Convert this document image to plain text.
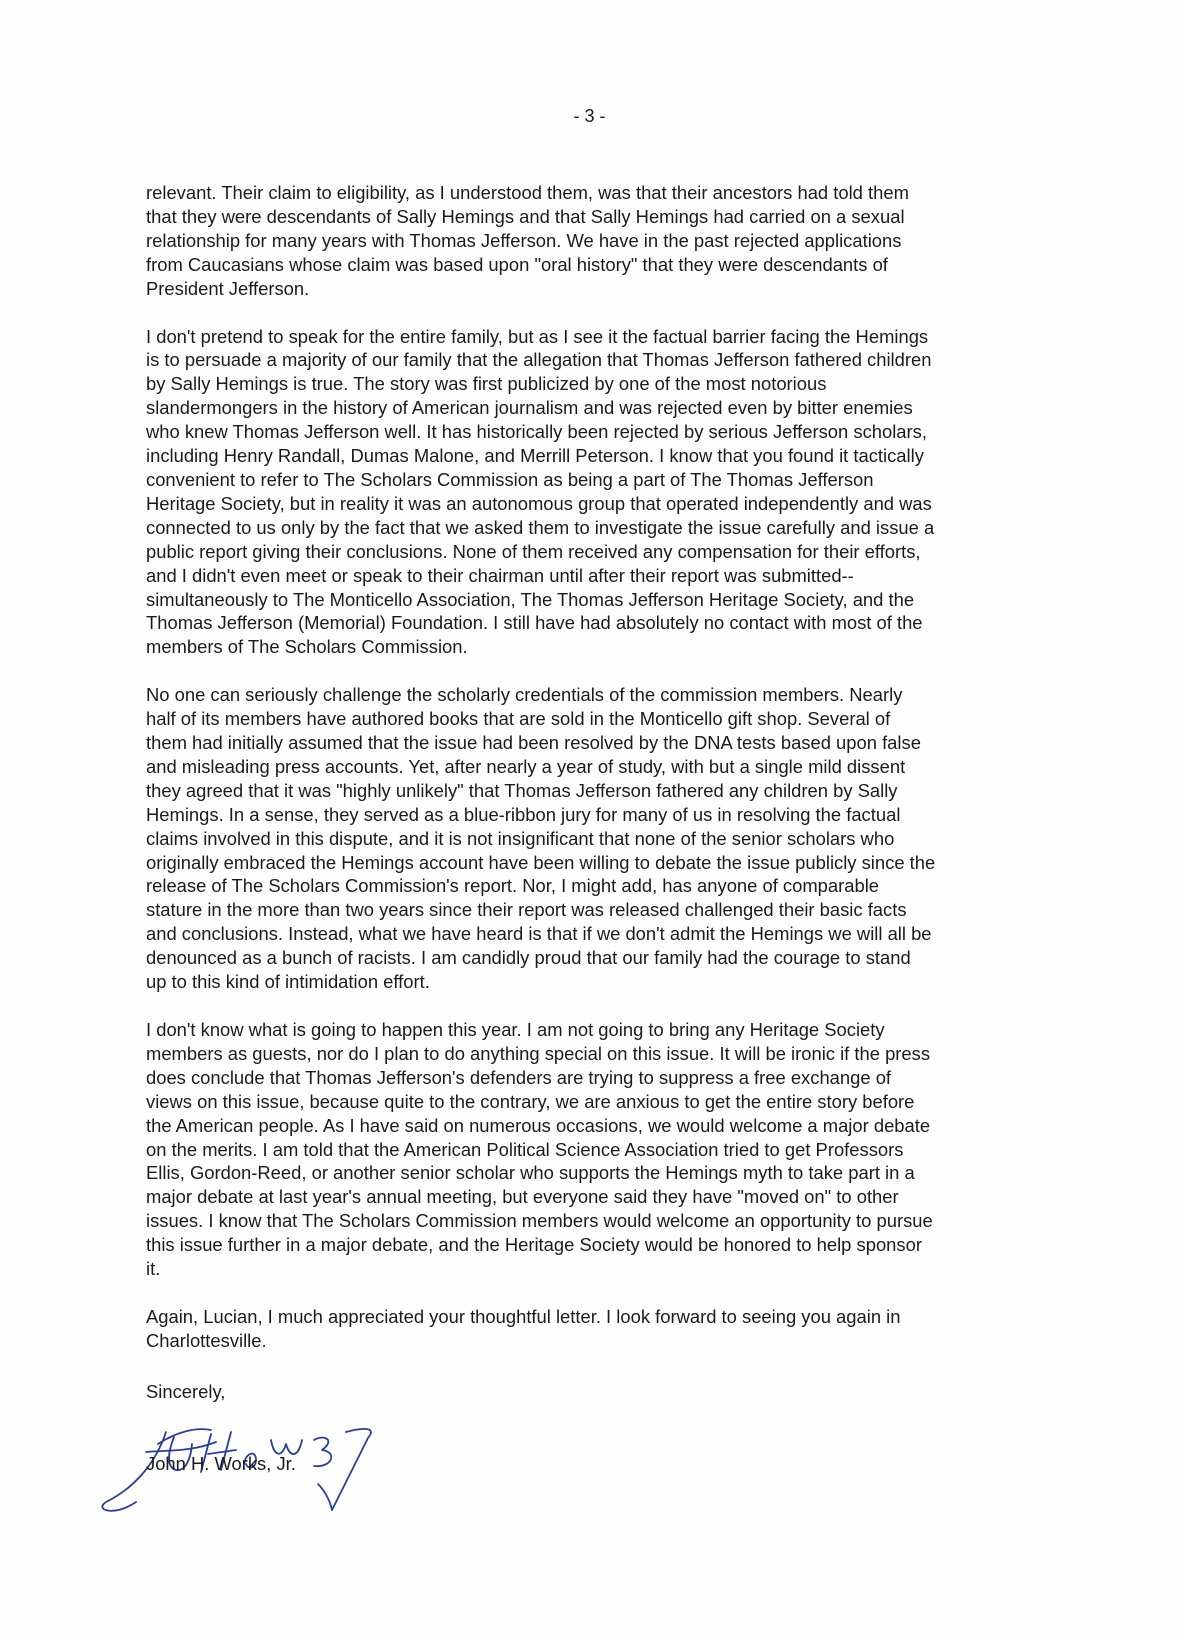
- 3 -
relevant. Their claim to eligibility, as I understood them, was that their ancestors had told them
that they were descendants of Sally Hemings and that Sally Hemings had carried on a sexual
relationship for many years with Thomas Jefferson. We have in the past rejected applications
from Caucasians whose claim was based upon "oral history" that they were descendants of
President Jefferson.
I don't pretend to speak for the entire family, but as I see it the factual barrier facing the Hemings
is to persuade a majority of our family that the allegation that Thomas Jefferson fathered children
by Sally Hemings is true. The story was first publicized by one of the most notorious
slandermongers in the history of American journalism and was rejected even by bitter enemies
who knew Thomas Jefferson well. It has historically been rejected by serious Jefferson scholars,
including Henry Randall, Dumas Malone, and Merrill Peterson. I know that you found it tactically
convenient to refer to The Scholars Commission as being a part of The Thomas Jefferson
Heritage Society, but in reality it was an autonomous group that operated independently and was
connected to us only by the fact that we asked them to investigate the issue carefully and issue a
public report giving their conclusions. None of them received any compensation for their efforts,
and I didn't even meet or speak to their chairman until after their report was submitted--
simultaneously to The Monticello Association, The Thomas Jefferson Heritage Society, and the
Thomas Jefferson (Memorial) Foundation. I still have had absolutely no contact with most of the
members of The Scholars Commission.
No one can seriously challenge the scholarly credentials of the commission members. Nearly
half of its members have authored books that are sold in the Monticello gift shop. Several of
them had initially assumed that the issue had been resolved by the DNA tests based upon false
and misleading press accounts. Yet, after nearly a year of study, with but a single mild dissent
they agreed that it was "highly unlikely" that Thomas Jefferson fathered any children by Sally
Hemings. In a sense, they served as a blue-ribbon jury for many of us in resolving the factual
claims involved in this dispute, and it is not insignificant that none of the senior scholars who
originally embraced the Hemings account have been willing to debate the issue publicly since the
release of The Scholars Commission's report. Nor, I might add, has anyone of comparable
stature in the more than two years since their report was released challenged their basic facts
and conclusions. Instead, what we have heard is that if we don't admit the Hemings we will all be
denounced as a bunch of racists. I am candidly proud that our family had the courage to stand
up to this kind of intimidation effort.
I don't know what is going to happen this year. I am not going to bring any Heritage Society
members as guests, nor do I plan to do anything special on this issue. It will be ironic if the press
does conclude that Thomas Jefferson's defenders are trying to suppress a free exchange of
views on this issue, because quite to the contrary, we are anxious to get the entire story before
the American people. As I have said on numerous occasions, we would welcome a major debate
on the merits. I am told that the American Political Science Association tried to get Professors
Ellis, Gordon-Reed, or another senior scholar who supports the Hemings myth to take part in a
major debate at last year's annual meeting, but everyone said they have "moved on" to other
issues. I know that The Scholars Commission members would welcome an opportunity to pursue
this issue further in a major debate, and the Heritage Society would be honored to help sponsor
it.
Again, Lucian, I much appreciated your thoughtful letter. I look forward to seeing you again in
Charlottesville.
Sincerely,
John H. Works, Jr.
